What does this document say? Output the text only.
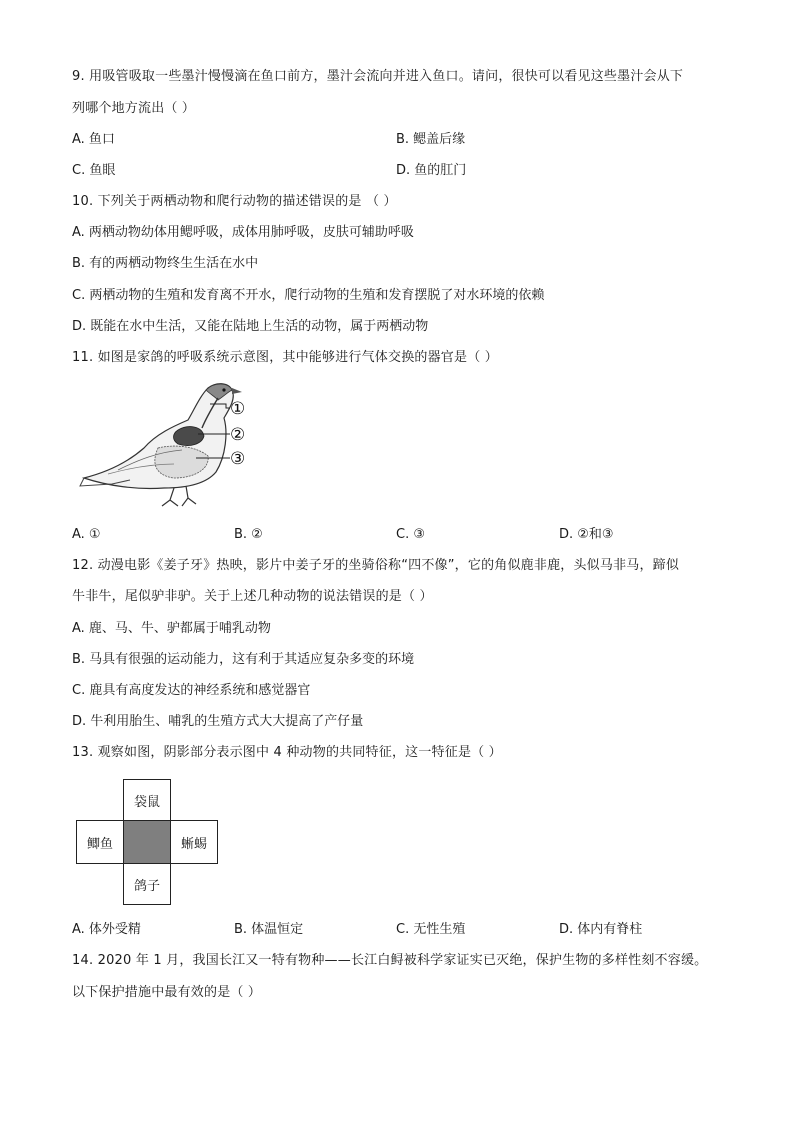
9. 用吸管吸取一些墨汁慢慢滴在鱼口前方，墨汁会流向并进入鱼口。请问，很快可以看见这些墨汁会从下
列哪个地方流出（ ）
A. 鱼口	B. 鳃盖后缘
C. 鱼眼	D. 鱼的肛门
10. 下列关于两栖动物和爬行动物的描述错误的是 （ ）
A. 两栖动物幼体用鳃呼吸，成体用肺呼吸，皮肤可辅助呼吸
B. 有的两栖动物终生生活在水中
C. 两栖动物的生殖和发育离不开水，爬行动物的生殖和发育摆脱了对水环境的依赖
D. 既能在水中生活，又能在陆地上生活的动物，属于两栖动物
11. 如图是家鸽的呼吸系统示意图，其中能够进行气体交换的器官是（ ）
①
②
③
A. ①	B. ②	C. ③	D. ②和③
12. 动漫电影《姜子牙》热映，影片中姜子牙的坐骑俗称“四不像”，它的角似鹿非鹿，头似马非马，蹄似
牛非牛，尾似驴非驴。关于上述几种动物的说法错误的是（ ）
A. 鹿、马、牛、驴都属于哺乳动物
B. 马具有很强的运动能力，这有利于其适应复杂多变的环境
C. 鹿具有高度发达的神经系统和感觉器官
D. 牛利用胎生、哺乳的生殖方式大大提高了产仔量
13. 观察如图，阴影部分表示图中 4 种动物的共同特征，这一特征是（ ）
袋鼠
鲫鱼	蜥蜴
鸽子
A. 体外受精	B. 体温恒定	C. 无性生殖	D. 体内有脊柱
14. 2020 年 1 月，我国长江又一特有物种——长江白鲟被科学家证实已灭绝，保护生物的多样性刻不容缓。
以下保护措施中最有效的是（ ）
